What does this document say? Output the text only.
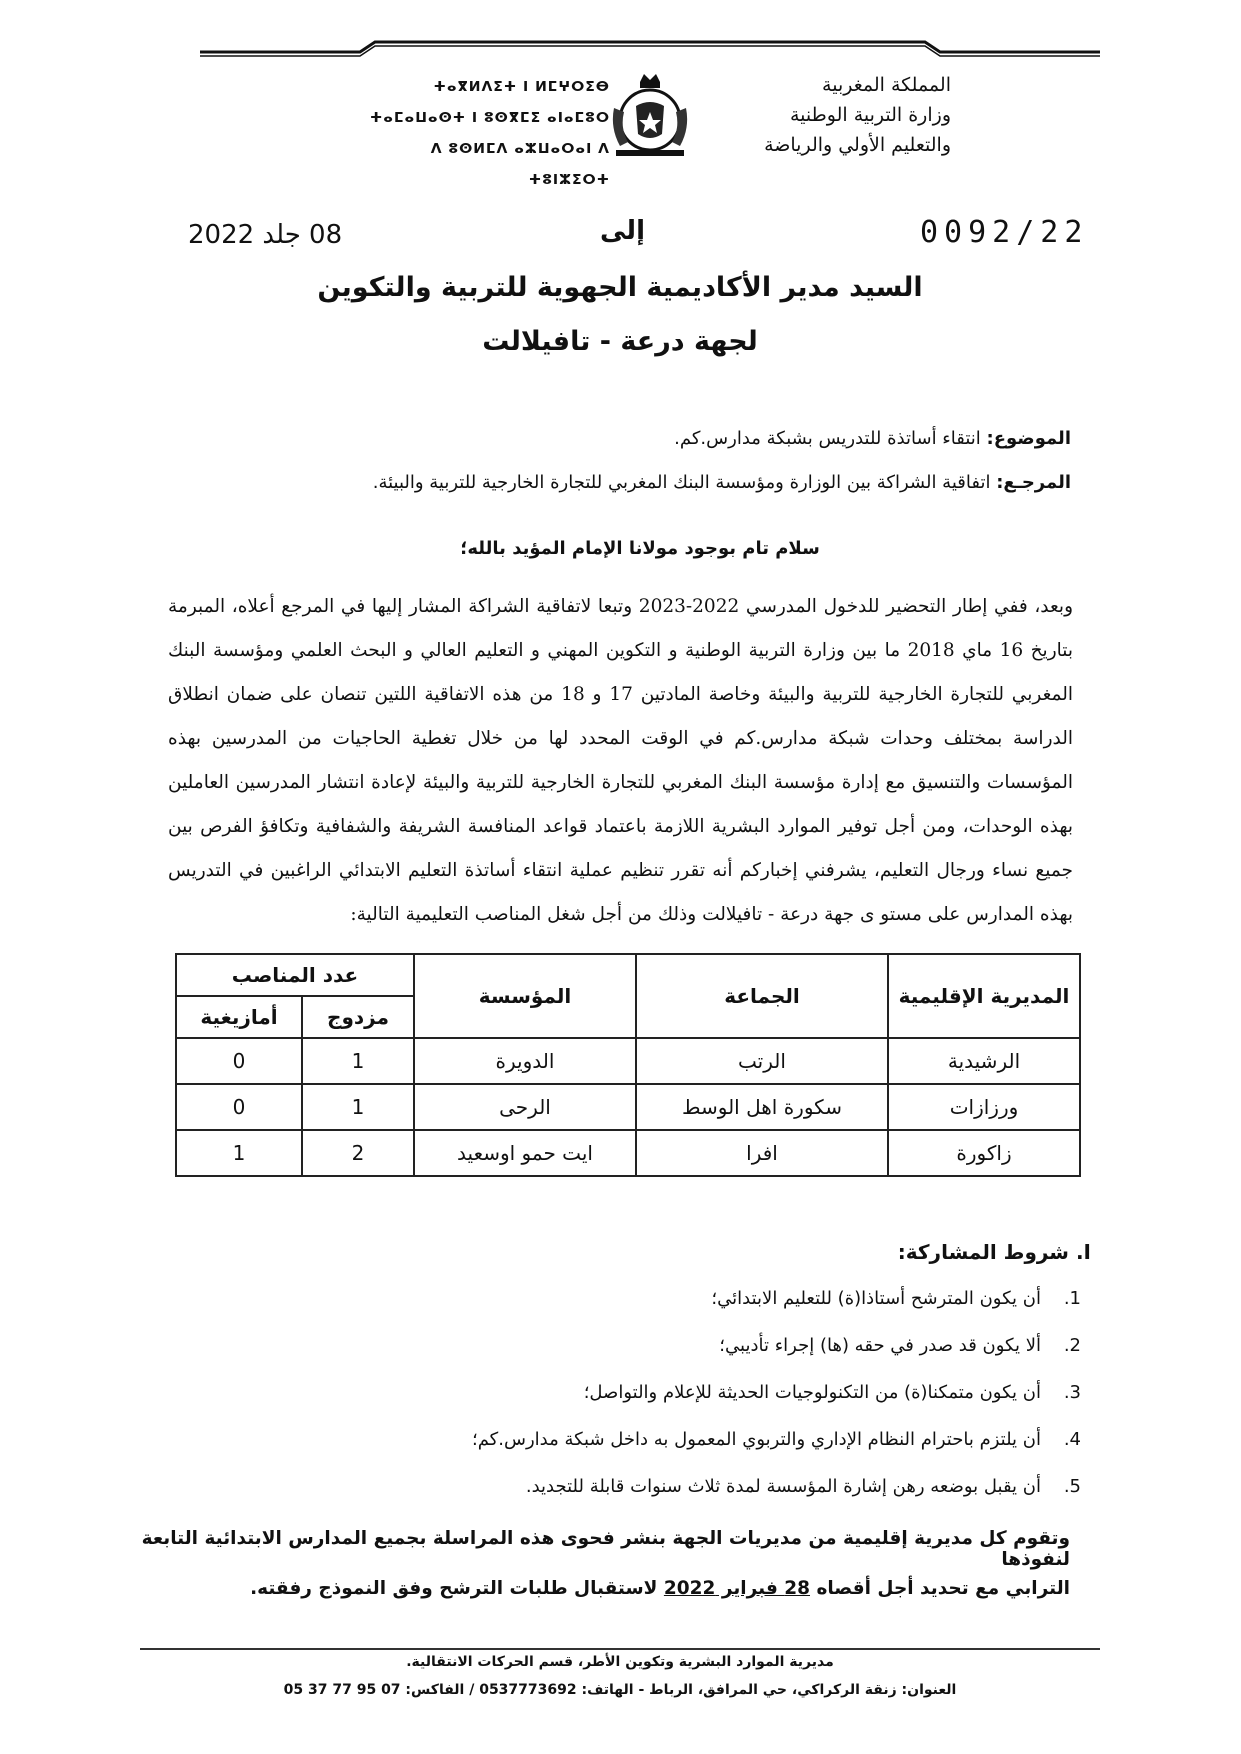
المملكة المغربية
وزارة التربية الوطنية
والتعليم الأولي والرياضة
ⵜⴰⴳⵍⴷⵉⵜ ⵏ ⵍⵎⵖⵔⵉⴱ
ⵜⴰⵎⴰⵡⴰⵙⵜ ⵏ ⵓⵙⴳⵎⵉ ⴰⵏⴰⵎⵓⵔ
ⴷ ⵓⵙⵍⵎⴷ ⴰⵣⵡⴰⵔⴰⵏ ⴷ ⵜⵓⵏⵣⵉⵔⵜ
08 جلد 2022	إلى	0092/22
السيد مدير الأكاديمية الجهوية للتربية والتكوين
لجهة درعة - تافيلالت
الموضوع: انتقاء أساتذة للتدريس بشبكة مدارس.كم.
المرجـع: اتفاقية الشراكة بين الوزارة ومؤسسة البنك المغربي للتجارة الخارجية للتربية والبيئة.
سلام تام بوجود مولانا الإمام المؤيد بالله؛
وبعد، ففي إطار التحضير للدخول المدرسي 2022-2023 وتبعا لاتفاقية الشراكة المشار إليها في المرجع أعلاه، المبرمة بتاريخ 16 ماي 2018 ما بين وزارة التربية الوطنية و التكوين المهني و التعليم العالي و البحث العلمي ومؤسسة البنك المغربي للتجارة الخارجية للتربية والبيئة وخاصة المادتين 17 و 18 من هذه الاتفاقية اللتين تنصان على ضمان انطلاق الدراسة بمختلف وحدات شبكة مدارس.كم في الوقت المحدد لها من خلال تغطية الحاجيات من المدرسين بهذه المؤسسات والتنسيق مع إدارة مؤسسة البنك المغربي للتجارة الخارجية للتربية والبيئة لإعادة انتشار المدرسين العاملين بهذه الوحدات، ومن أجل توفير الموارد البشرية اللازمة باعتماد قواعد المنافسة الشريفة والشفافية وتكافؤ الفرص بين جميع نساء ورجال التعليم، يشرفني إخباركم أنه تقرر تنظيم عملية انتقاء أساتذة التعليم الابتدائي الراغبين في التدريس بهذه المدارس على مستو ى جهة درعة - تافيلالت وذلك من أجل شغل المناصب التعليمية التالية:
المديرية الإقليمية	الجماعة	المؤسسة	عدد المناصب	
			مزدوج	أمازيغية
الرشيدية	الرتب	الدويرة	1	0
ورزازات	سكورة اهل الوسط	الرحى	1	0
زاكورة	افرا	ايت حمو اوسعيد	2	1
I. شروط المشاركة:
1.أن يكون المترشح أستاذا(ة) للتعليم الابتدائي؛
2.ألا يكون قد صدر في حقه (ها) إجراء تأديبي؛
3.أن يكون متمكنا(ة) من التكنولوجيات الحديثة للإعلام والتواصل؛
4.أن يلتزم باحترام النظام الإداري والتربوي المعمول به داخل شبكة مدارس.كم؛
5.أن يقبل بوضعه رهن إشارة المؤسسة لمدة ثلاث سنوات قابلة للتجديد.
وتقوم كل مديرية إقليمية من مديريات الجهة بنشر فحوى هذه المراسلة بجميع المدارس الابتدائية التابعة لنفوذها
الترابي مع تحديد أجل أقصاه 28 فبراير 2022 لاستقبال طلبات الترشح وفق النموذج رفقته.
مديرية الموارد البشرية وتكوين الأطر، قسم الحركات الانتقالية.
العنوان: زنقة الركراكي، حي المرافق، الرباط - الهاتف: 0537773692 / الفاكس: 07 95 77 37 05
